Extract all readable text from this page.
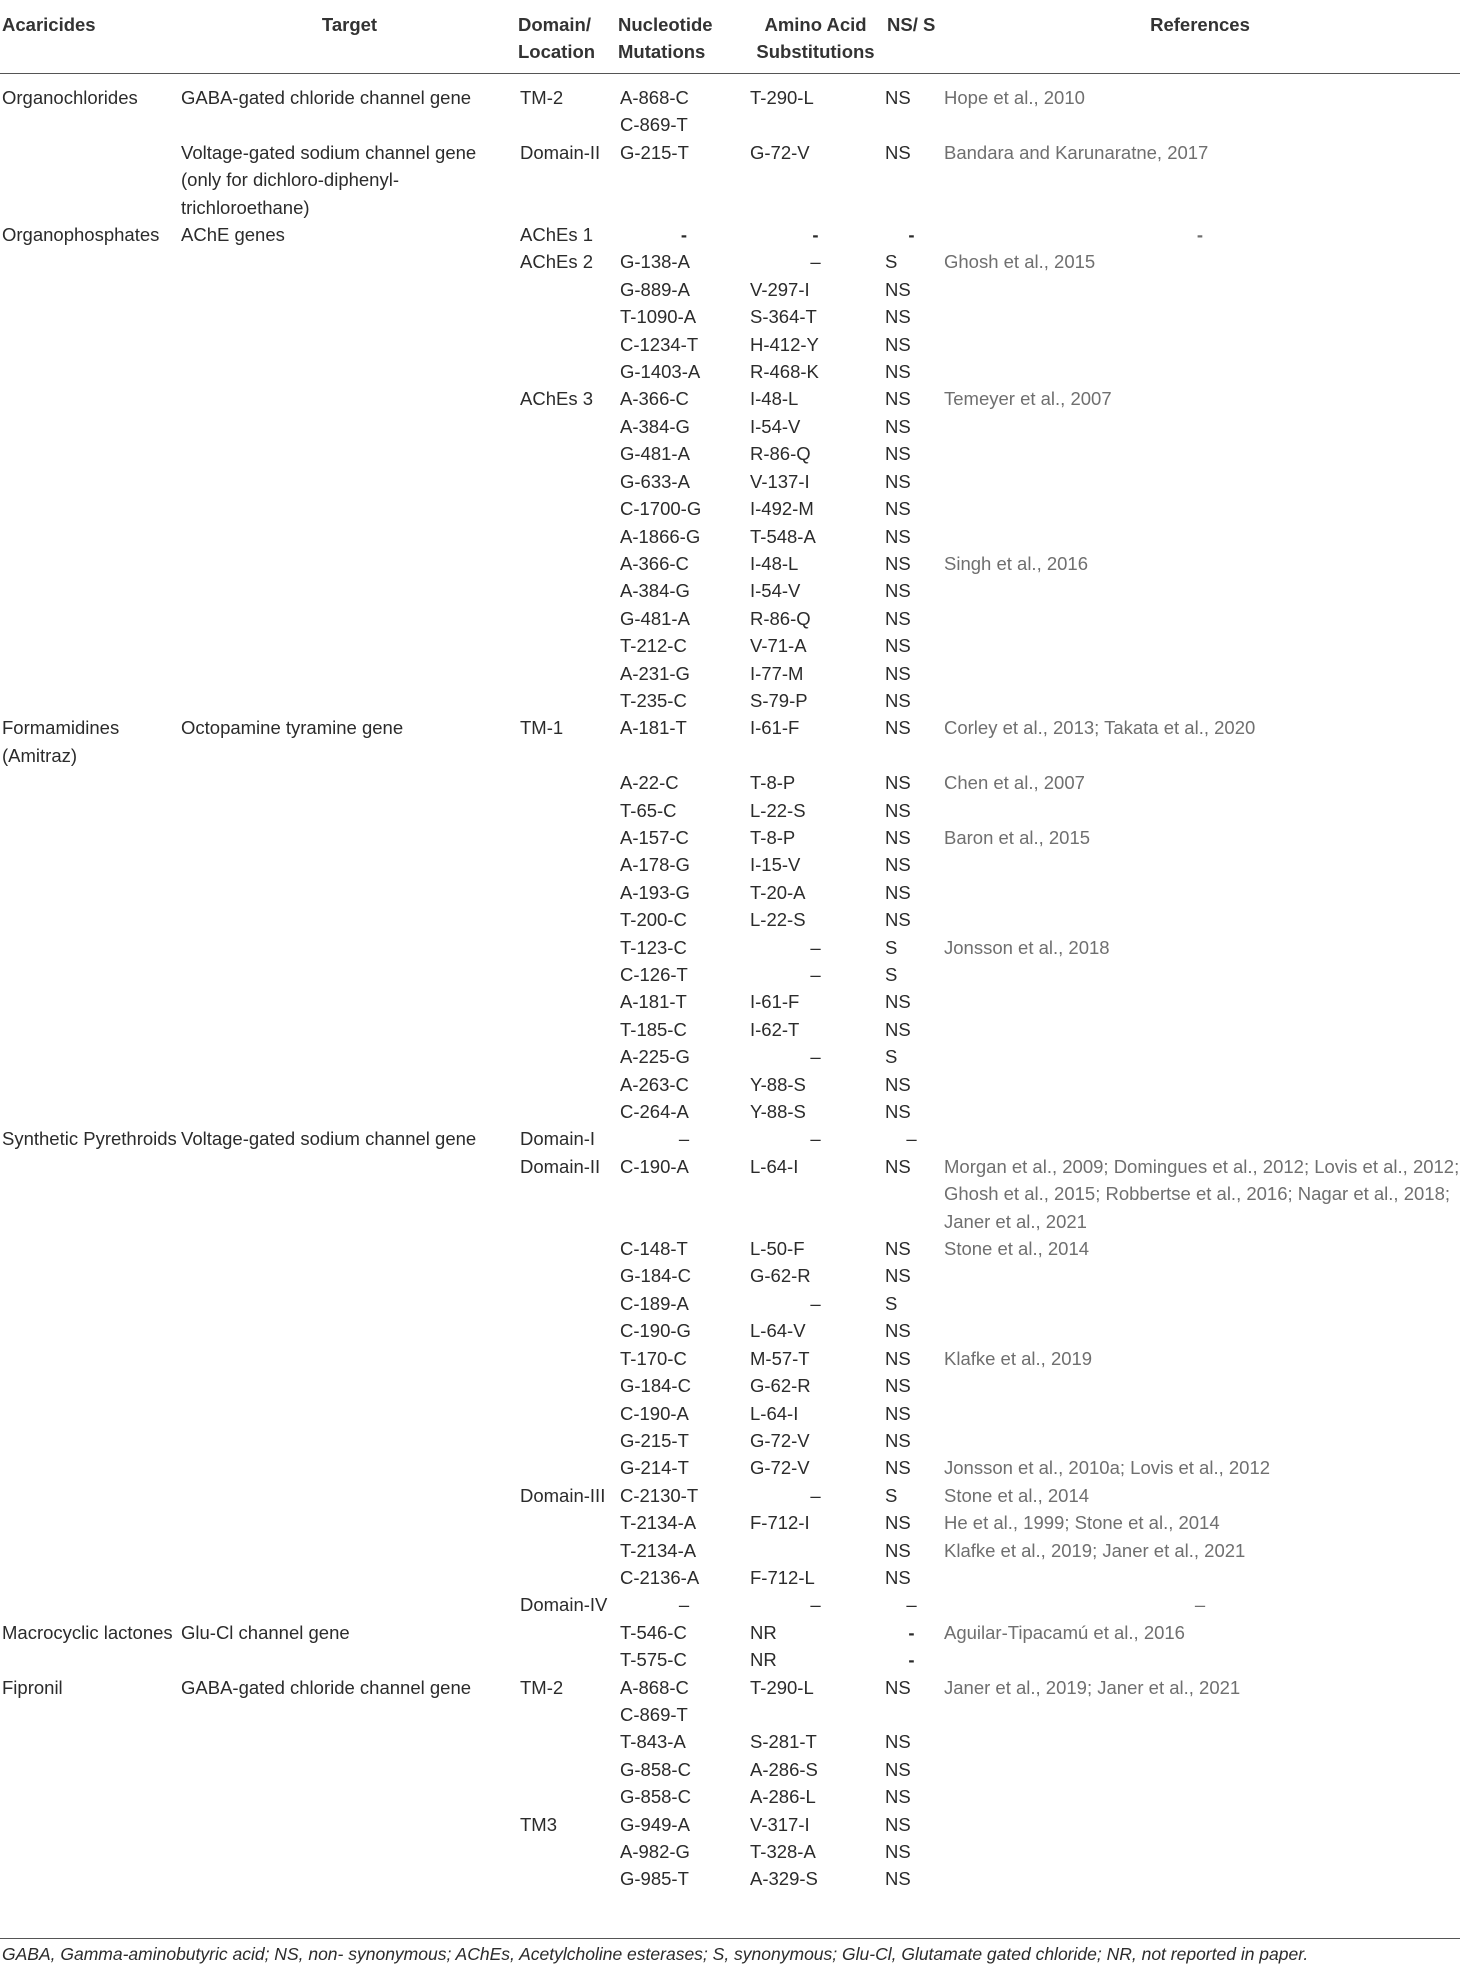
Acaricides	Target	Domain/ Location	Nucleotide Mutations	Amino Acid Substitutions	NS/ S	References
Organochlorides	GABA-gated chloride channel gene	TM-2	A-868-C	T-290-L	NS	Hope et al., 2010
			C-869-T			
	Voltage-gated sodium channel gene (only for dichloro-diphenyl-trichloroethane)	Domain-II	G-215-T	G-72-V	NS	Bandara and Karunaratne, 2017
Organophosphates	AChE genes	AChEs 1	-	-	-	-
		AChEs 2	G-138-A	–	S	Ghosh et al., 2015
			G-889-A	V-297-I	NS	
			T-1090-A	S-364-T	NS	
			C-1234-T	H-412-Y	NS	
			G-1403-A	R-468-K	NS	
		AChEs 3	A-366-C	I-48-L	NS	Temeyer et al., 2007
			A-384-G	I-54-V	NS	
			G-481-A	R-86-Q	NS	
			G-633-A	V-137-I	NS	
			C-1700-G	I-492-M	NS	
			A-1866-G	T-548-A	NS	
			A-366-C	I-48-L	NS	Singh et al., 2016
			A-384-G	I-54-V	NS	
			G-481-A	R-86-Q	NS	
			T-212-C	V-71-A	NS	
			A-231-G	I-77-M	NS	
			T-235-C	S-79-P	NS	
Formamidines (Amitraz)	Octopamine tyramine gene	TM-1	A-181-T	I-61-F	NS	Corley et al., 2013; Takata et al., 2020
			A-22-C	T-8-P	NS	Chen et al., 2007
			T-65-C	L-22-S	NS	
			A-157-C	T-8-P	NS	Baron et al., 2015
			A-178-G	I-15-V	NS	
			A-193-G	T-20-A	NS	
			T-200-C	L-22-S	NS	
			T-123-C	–	S	Jonsson et al., 2018
			C-126-T	–	S	
			A-181-T	I-61-F	NS	
			T-185-C	I-62-T	NS	
			A-225-G	–	S	
			A-263-C	Y-88-S	NS	
			C-264-A	Y-88-S	NS	
Synthetic Pyrethroids	Voltage-gated sodium channel gene	Domain-I	–	–	–	
		Domain-II	C-190-A	L-64-I	NS	Morgan et al., 2009; Domingues et al., 2012; Lovis et al., 2012; Ghosh et al., 2015; Robbertse et al., 2016; Nagar et al., 2018; Janer et al., 2021
			C-148-T	L-50-F	NS	Stone et al., 2014
			G-184-C	G-62-R	NS	
			C-189-A	–	S	
			C-190-G	L-64-V	NS	
			T-170-C	M-57-T	NS	Klafke et al., 2019
			G-184-C	G-62-R	NS	
			C-190-A	L-64-I	NS	
			G-215-T	G-72-V	NS	
			G-214-T	G-72-V	NS	Jonsson et al., 2010a; Lovis et al., 2012
		Domain-III	C-2130-T	–	S	Stone et al., 2014
			T-2134-A	F-712-I	NS	He et al., 1999; Stone et al., 2014
			T-2134-A		NS	Klafke et al., 2019; Janer et al., 2021
			C-2136-A	F-712-L	NS	
		Domain-IV	–	–	–	–
Macrocyclic lactones	Glu-Cl channel gene		T-546-C	NR	-	Aguilar-Tipacamú et al., 2016
			T-575-C	NR	-	
Fipronil	GABA-gated chloride channel gene	TM-2	A-868-C	T-290-L	NS	Janer et al., 2019; Janer et al., 2021
			C-869-T			
			T-843-A	S-281-T	NS	
			G-858-C	A-286-S	NS	
			G-858-C	A-286-L	NS	
		TM3	G-949-A	V-317-I	NS	
			A-982-G	T-328-A	NS	
			G-985-T	A-329-S	NS	
GABA, Gamma-aminobutyric acid; NS, non- synonymous; AChEs, Acetylcholine esterases; S, synonymous; Glu-Cl, Glutamate gated chloride; NR, not reported in paper.
